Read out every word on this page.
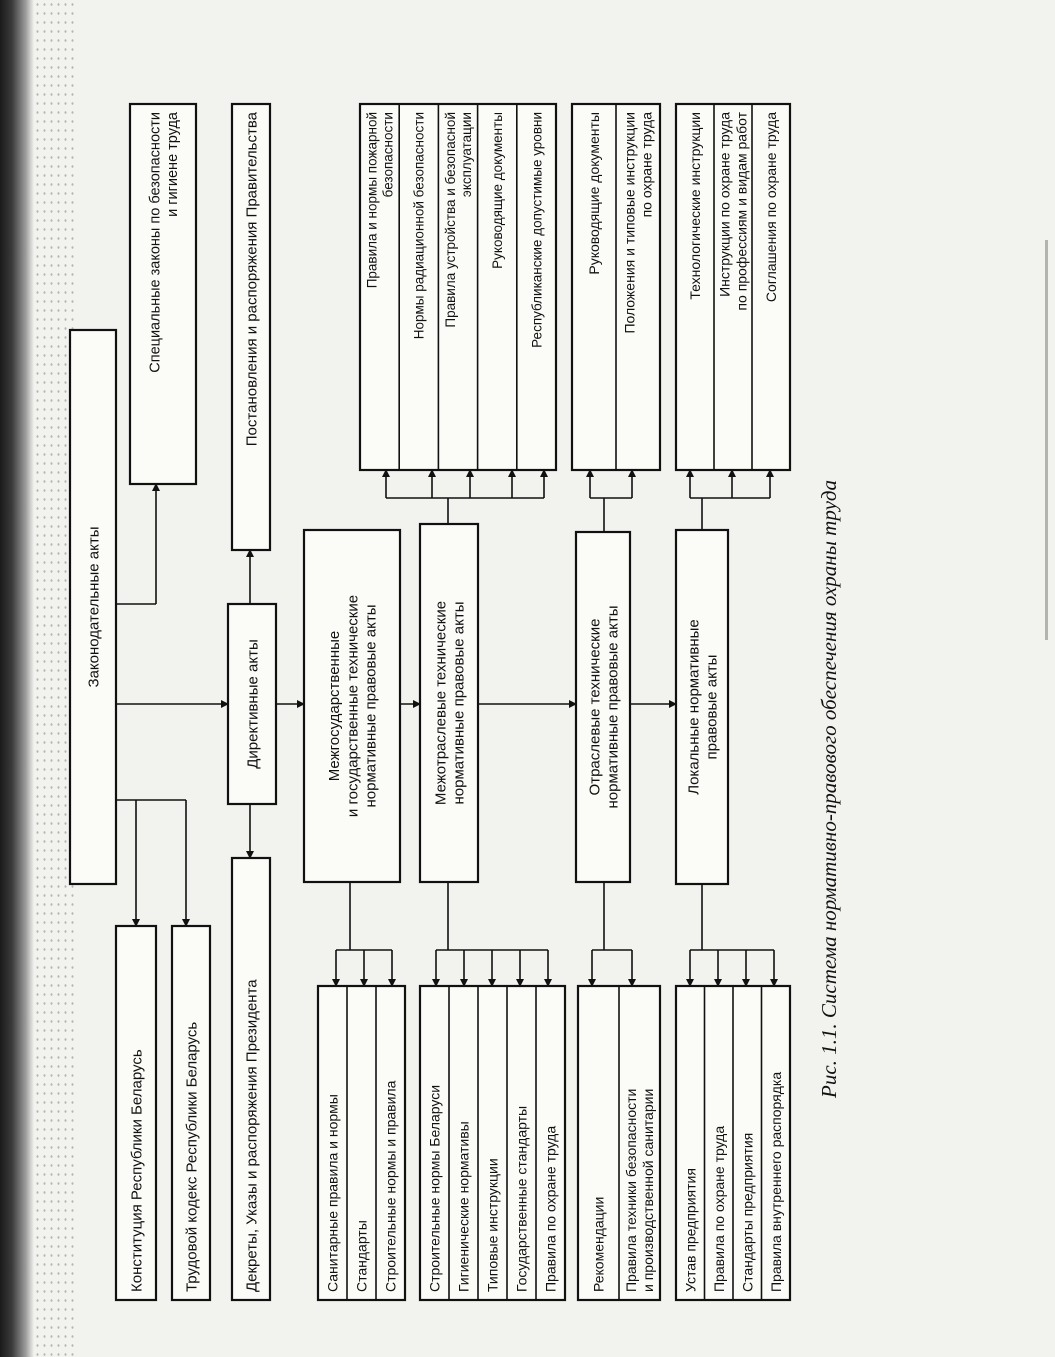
Законодательные акты
Директивные акты	Межгосударственные и государственные технические нормативные правовые акты	Межотраслевые технические нормативные правовые акты	Отраслевые технические нормативные правовые акты	Локальные нормативные правовые акты
Конституция Республики Беларусь	Трудовой кодекс Республики Беларусь
Специальные законы по безопасности и гигиене труда
Декреты, Указы и распоряжения Президента
Постановления и распоряжения Правительства
Санитарные правила и нормы Стандарты Строительные нормы и правила Строительные нормы Беларуси Гигиенические нормативы Типовые инструкции Государственные стандарты Правила по охране труда
Правила и нормы пожарной безопасности Нормы радиационной безопасности Правила устройства и безопасной эксплуатации Руководящие документы Республиканские допустимые уровни
Рекомендации Правила техники безопасности и производственной санитарии
Руководящие документы Положения и типовые инструкции по охране труда
Устав предприятия Правила по охране труда Стандарты предприятия Правила внутреннего распорядка
Технологические инструкции Инструкции по охране труда по профессиям и видам работ Соглашения по охране труда
Рис. 1.1. Система нормативно-правового обеспечения охраны труда
